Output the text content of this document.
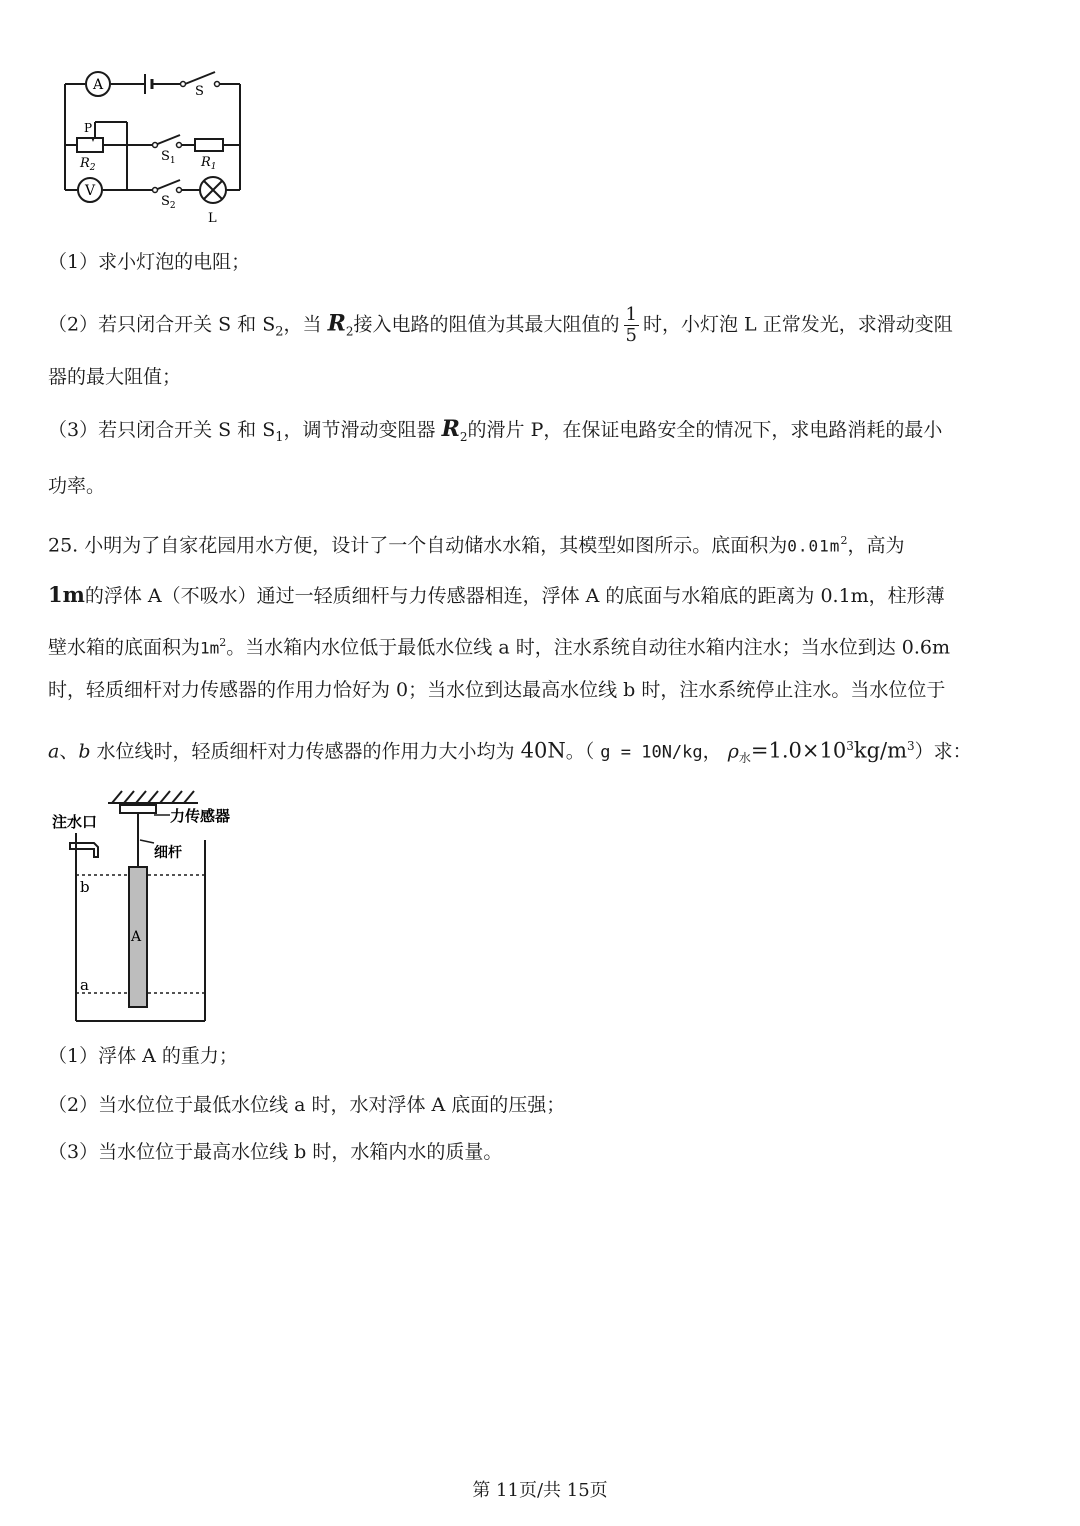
A	S
P
$R_2$
$S_1$ $R_1$
V
$S_2$
L
（1）求小灯泡的电阻；
（2）若只闭合开关 S 和 $S_2$，当 $R_2$接入电路的阻值为其最大阻值的 $\frac{1}{5}$ 时，小灯泡 L 正常发光，求滑动变阻
器的最大阻值；
（3）若只闭合开关 S 和 $S_1$，调节滑动变阻器 $R_2$的滑片 P，在保证电路安全的情况下，求电路消耗的最小
功率。
25. 小明为了自家花园用水方便，设计了一个自动储水水箱，其模型如图所示。底面积为$0.01m^2$，高为
1m的浮体 A（不吸水）通过一轻质细杆与力传感器相连，浮体 A 的底面与水箱底的距离为 0.1m，柱形薄
壁水箱的底面积为$1m^2$。当水箱内水位低于最低水位线 a 时，注水系统自动往水箱内注水；当水位到达 0.6m
时，轻质细杆对力传感器的作用力恰好为 0；当水位到达最高水位线 b 时，注水系统停止注水。当水位位于
a、b 水位线时，轻质细杆对力传感器的作用力大小均为 40N。（ g = 10N/kg， $\rho_水=1.0\times 10^3kg/m^3$）求：
力传感器
细杆
注水口
b
a
A
（1）浮体 A 的重力；
（2）当水位位于最低水位线 a 时，水对浮体 A 底面的压强；
（3）当水位位于最高水位线 b 时，水箱内水的质量。
第 11页/共 15页
